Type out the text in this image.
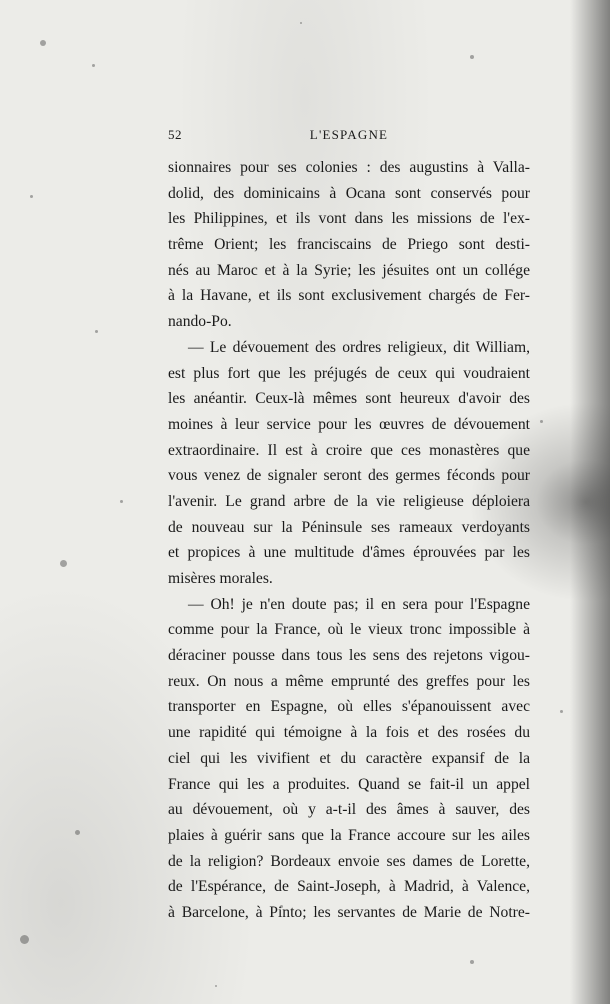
52	L'ESPAGNE
sionnaires pour ses colonies : des augustins à Valla-
dolid, des dominicains à Ocana sont conservés pour
les Philippines, et ils vont dans les missions de l'ex-
trême Orient; les franciscains de Priego sont desti-
nés au Maroc et à la Syrie; les jésuites ont un collége
à la Havane, et ils sont exclusivement chargés de Fer-
nando-Po.
— Le dévouement des ordres religieux, dit William,
est plus fort que les préjugés de ceux qui voudraient
les anéantir. Ceux-là mêmes sont heureux d'avoir des
moines à leur service pour les œuvres de dévouement
extraordinaire. Il est à croire que ces monastères que
vous venez de signaler seront des germes féconds pour
l'avenir. Le grand arbre de la vie religieuse déploiera
de nouveau sur la Péninsule ses rameaux verdoyants
et propices à une multitude d'âmes éprouvées par les
misères morales.
— Oh! je n'en doute pas; il en sera pour l'Espagne
comme pour la France, où le vieux tronc impossible à
déraciner pousse dans tous les sens des rejetons vigou-
reux. On nous a même emprunté des greffes pour les
transporter en Espagne, où elles s'épanouissent avec
une rapidité qui témoigne à la fois et des rosées du
ciel qui les vivifient et du caractère expansif de la
France qui les a produites. Quand se fait-il un appel
au dévouement, où y a-t-il des âmes à sauver, des
plaies à guérir sans que la France accoure sur les ailes
de la religion? Bordeaux envoie ses dames de Lorette,
de l'Espérance, de Saint-Joseph, à Madrid, à Valence,
à Barcelone, à Pinto; les servantes de Marie de Notre-
